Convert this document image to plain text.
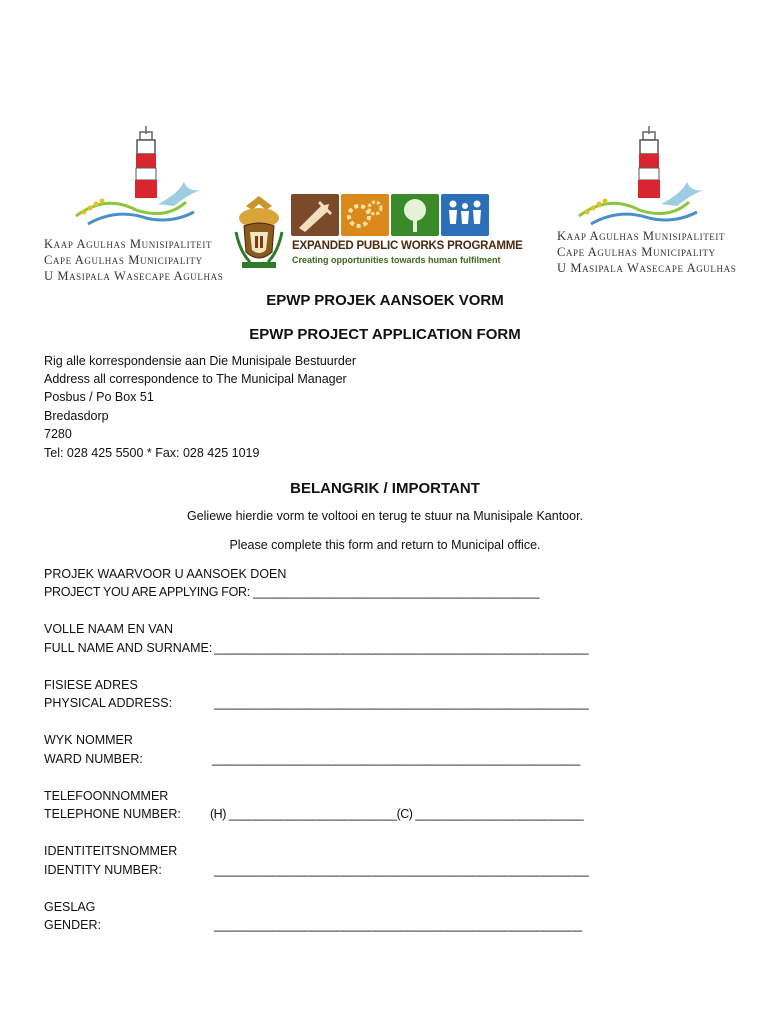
Kaap Agulhas Munisipaliteit
Cape Agulhas Municipality
U Masipala Wasecape Agulhas
Kaap Agulhas Munisipaliteit
Cape Agulhas Municipality
U Masipala Wasecape Agulhas
EXPANDED PUBLIC WORKS PROGRAMME
Creating opportunities towards human fulfilment
EPWP PROJEK AANSOEK VORM
EPWP PROJECT APPLICATION FORM
Rig alle korrespondensie aan Die Munisipale Bestuurder
Address all correspondence to The Municipal Manager
Posbus / Po Box 51
Bredasdorp
7280
Tel: 028 425 5500 * Fax: 028 425 1019
BELANGRIK / IMPORTANT
Geliewe hierdie vorm te voltooi en terug te stuur na Munisipale Kantoor.
Please complete this form and return to Municipal office.
PROJEK WAARVOOR U AANSOEK DOEN
PROJECT YOU ARE APPLYING FOR: ___________________________________________
VOLLE NAAM EN VAN
FULL NAME AND SURNAME: __________________________________________________________
FISIESE ADRES
PHYSICAL ADDRESS:	__________________________________________________________
WYK NOMMER
WARD NUMBER:	_________________________________________________________
TELEFOONNOMMER
TELEPHONE NUMBER: (H) __________________________(C) __________________________
IDENTITEITSNOMMER
IDENTITY NUMBER:	__________________________________________________________
GESLAG
GENDER:	_________________________________________________________
